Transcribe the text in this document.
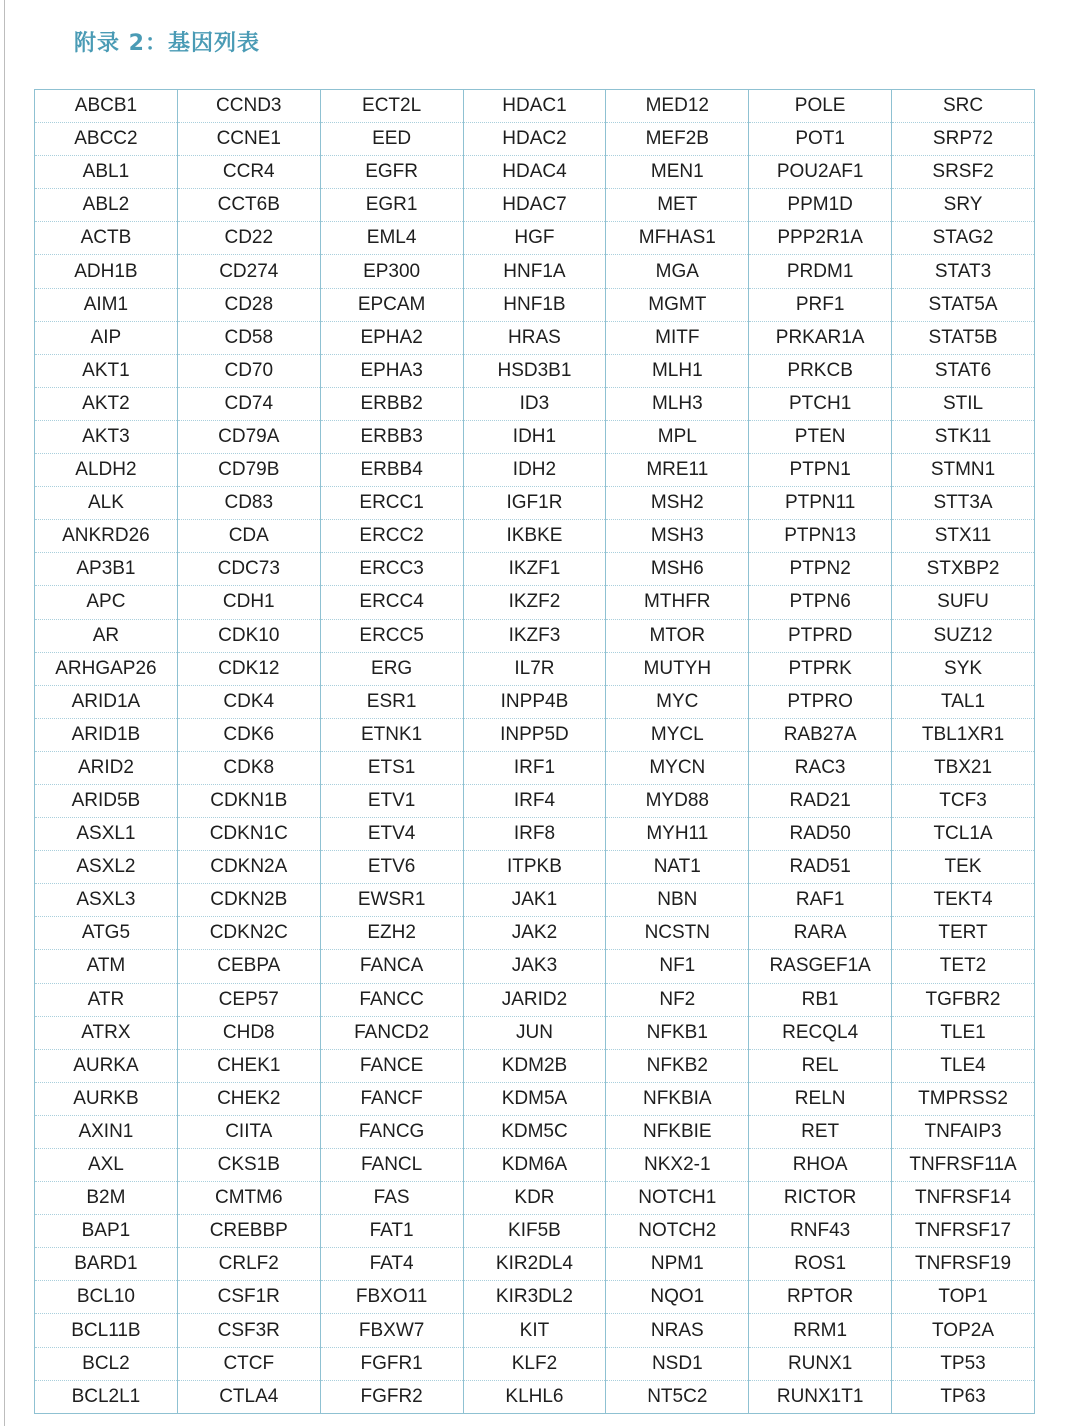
附录 2：基因列表
ABCB1	CCND3	ECT2L	HDAC1	MED12	POLE	SRC
ABCC2	CCNE1	EED	HDAC2	MEF2B	POT1	SRP72
ABL1	CCR4	EGFR	HDAC4	MEN1	POU2AF1	SRSF2
ABL2	CCT6B	EGR1	HDAC7	MET	PPM1D	SRY
ACTB	CD22	EML4	HGF	MFHAS1	PPP2R1A	STAG2
ADH1B	CD274	EP300	HNF1A	MGA	PRDM1	STAT3
AIM1	CD28	EPCAM	HNF1B	MGMT	PRF1	STAT5A
AIP	CD58	EPHA2	HRAS	MITF	PRKAR1A	STAT5B
AKT1	CD70	EPHA3	HSD3B1	MLH1	PRKCB	STAT6
AKT2	CD74	ERBB2	ID3	MLH3	PTCH1	STIL
AKT3	CD79A	ERBB3	IDH1	MPL	PTEN	STK11
ALDH2	CD79B	ERBB4	IDH2	MRE11	PTPN1	STMN1
ALK	CD83	ERCC1	IGF1R	MSH2	PTPN11	STT3A
ANKRD26	CDA	ERCC2	IKBKE	MSH3	PTPN13	STX11
AP3B1	CDC73	ERCC3	IKZF1	MSH6	PTPN2	STXBP2
APC	CDH1	ERCC4	IKZF2	MTHFR	PTPN6	SUFU
AR	CDK10	ERCC5	IKZF3	MTOR	PTPRD	SUZ12
ARHGAP26	CDK12	ERG	IL7R	MUTYH	PTPRK	SYK
ARID1A	CDK4	ESR1	INPP4B	MYC	PTPRO	TAL1
ARID1B	CDK6	ETNK1	INPP5D	MYCL	RAB27A	TBL1XR1
ARID2	CDK8	ETS1	IRF1	MYCN	RAC3	TBX21
ARID5B	CDKN1B	ETV1	IRF4	MYD88	RAD21	TCF3
ASXL1	CDKN1C	ETV4	IRF8	MYH11	RAD50	TCL1A
ASXL2	CDKN2A	ETV6	ITPKB	NAT1	RAD51	TEK
ASXL3	CDKN2B	EWSR1	JAK1	NBN	RAF1	TEKT4
ATG5	CDKN2C	EZH2	JAK2	NCSTN	RARA	TERT
ATM	CEBPA	FANCA	JAK3	NF1	RASGEF1A	TET2
ATR	CEP57	FANCC	JARID2	NF2	RB1	TGFBR2
ATRX	CHD8	FANCD2	JUN	NFKB1	RECQL4	TLE1
AURKA	CHEK1	FANCE	KDM2B	NFKB2	REL	TLE4
AURKB	CHEK2	FANCF	KDM5A	NFKBIA	RELN	TMPRSS2
AXIN1	CIITA	FANCG	KDM5C	NFKBIE	RET	TNFAIP3
AXL	CKS1B	FANCL	KDM6A	NKX2-1	RHOA	TNFRSF11A
B2M	CMTM6	FAS	KDR	NOTCH1	RICTOR	TNFRSF14
BAP1	CREBBP	FAT1	KIF5B	NOTCH2	RNF43	TNFRSF17
BARD1	CRLF2	FAT4	KIR2DL4	NPM1	ROS1	TNFRSF19
BCL10	CSF1R	FBXO11	KIR3DL2	NQO1	RPTOR	TOP1
BCL11B	CSF3R	FBXW7	KIT	NRAS	RRM1	TOP2A
BCL2	CTCF	FGFR1	KLF2	NSD1	RUNX1	TP53
BCL2L1	CTLA4	FGFR2	KLHL6	NT5C2	RUNX1T1	TP63
